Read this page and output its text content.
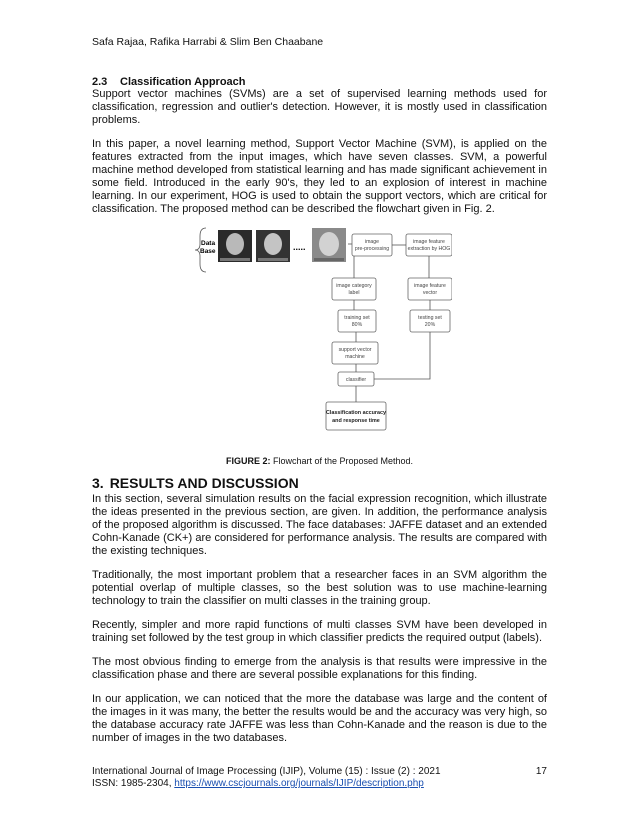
Safa Rajaa, Rafika Harrabi & Slim Ben Chaabane
2.3 Classification Approach

Support vector machines (SVMs) are a set of supervised learning methods used for classification, regression and outlier's detection. However, it is mostly used in classification problems.

In this paper, a novel learning method, Support Vector Machine (SVM), is applied on the features extracted from the input images, which have seven classes. SVM, a powerful machine method developed from statistical learning and has made significant achievement in some field. Introduced in the early 90's, they led to an explosion of interest in machine learning. In our experiment, HOG is used to obtain the support vectors, which are critical for classification. The proposed method can be described the flowchart given in Fig. 2.

Data
Base	.....	image
pre-processing
image feature
extraction by HOG
image category
label
image feature
vector
training set
80%
testing set
20%
support vector
machine
classifier
Classification accuracy
and response time
FIGURE 2: Flowchart of the Proposed Method.
3. RESULTS AND DISCUSSION

In this section, several simulation results on the facial expression recognition, which illustrate the ideas presented in the previous section, are given. In addition, the performance analysis of the proposed algorithm is discussed. The face databases: JAFFE dataset and an extended Cohn-Kanade (CK+) are considered for performance analysis. The results are compared with the existing techniques.

Traditionally, the most important problem that a researcher faces in an SVM algorithm the potential overlap of multiple classes, so the best solution was to use machine-learning technology to train the classifier on multi classes in the training group.

Recently, simpler and more rapid functions of multi classes SVM have been developed in training set followed by the test group in which classifier predicts the required output (labels).

The most obvious finding to emerge from the analysis is that results were impressive in the classification phase and there are several possible explanations for this finding.

In our application, we can noticed that the more the database was large and the content of the images in it was many, the better the results would be and the accuracy was very high, so the database accuracy rate JAFFE was less than Cohn-Kanade and the reason is due to the number of images in the two databases.

International Journal of Image Processing (IJIP), Volume (15) : Issue (2) : 2021
ISSN: 1985-2304, https://www.cscjournals.org/journals/IJIP/description.php
17
